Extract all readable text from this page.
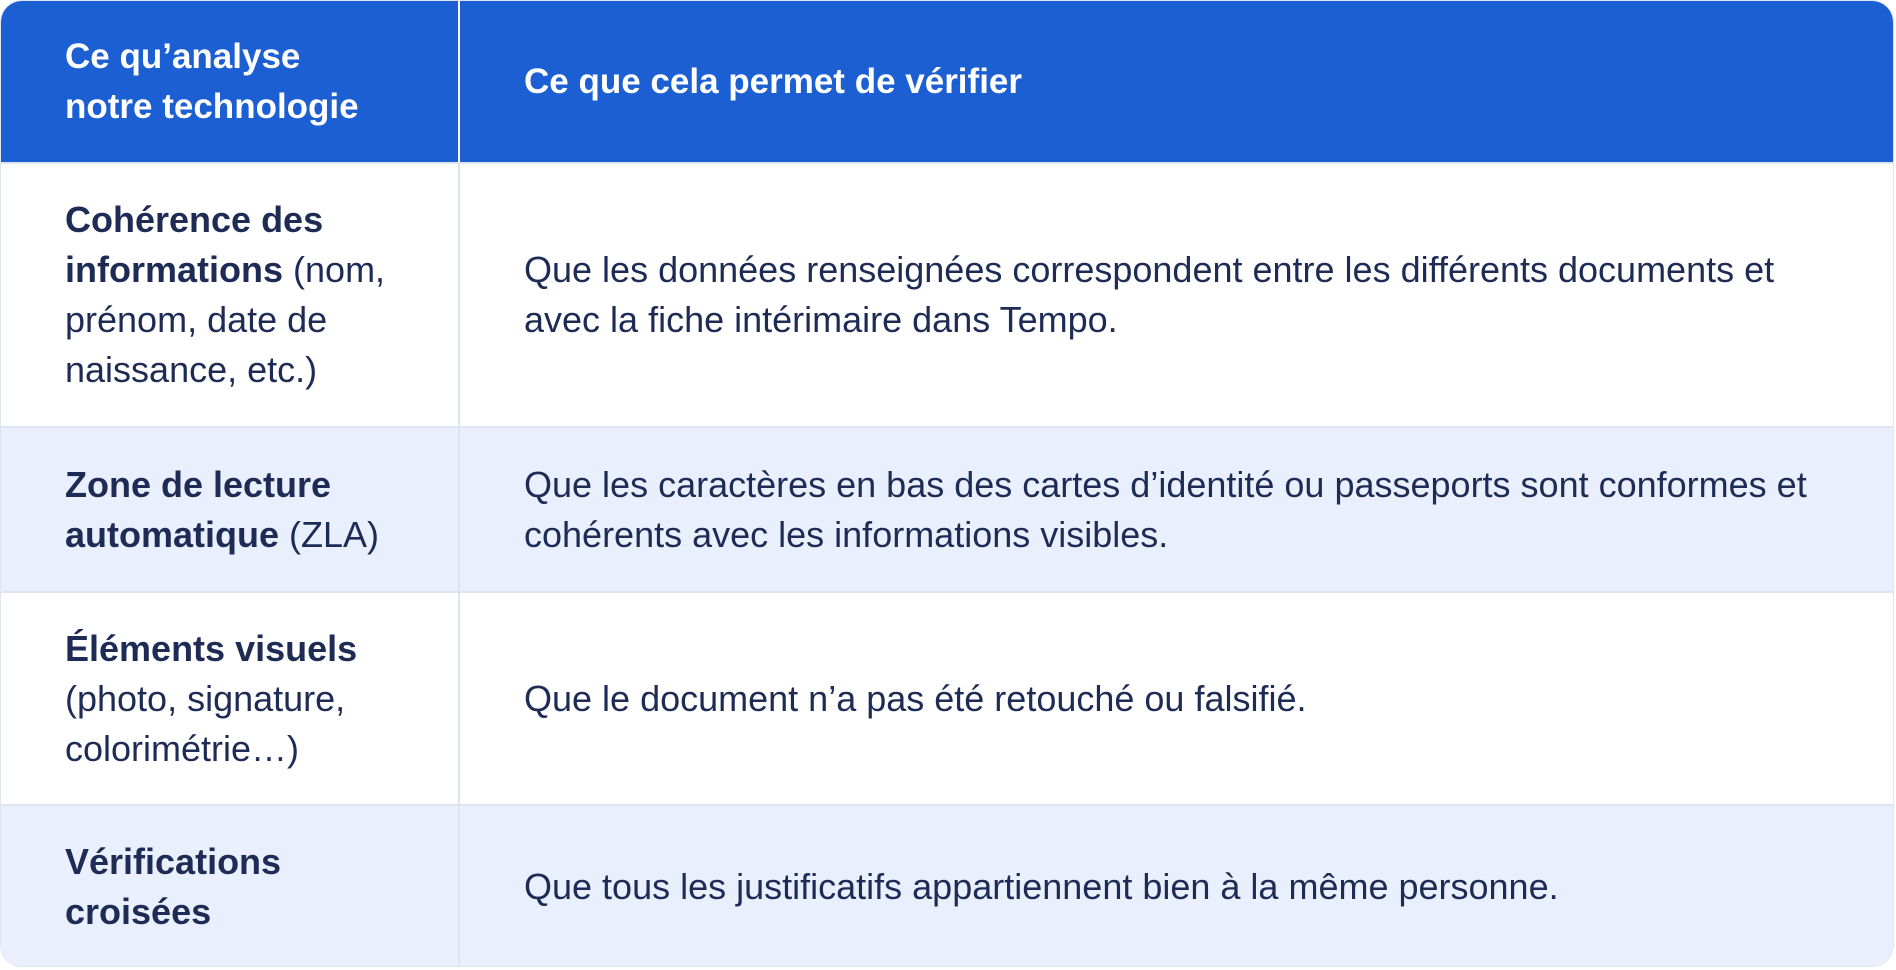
Ce qu’analyse notre technologie
Ce que cela permet de vérifier
Cohérence des informations (nom, prénom, date de naissance, etc.)
Que les données renseignées correspondent entre les différents documents et avec la fiche intérimaire dans Tempo.
Zone de lecture automatique (ZLA)
Que les caractères en bas des cartes d’identité ou passeports sont conformes et cohérents avec les informations visibles.
Éléments visuels
(photo, signature, colorimétrie…)
Que le document n’a pas été retouché ou falsifié.
Vérifications croisées
Que tous les justificatifs appartiennent bien à la même personne.
